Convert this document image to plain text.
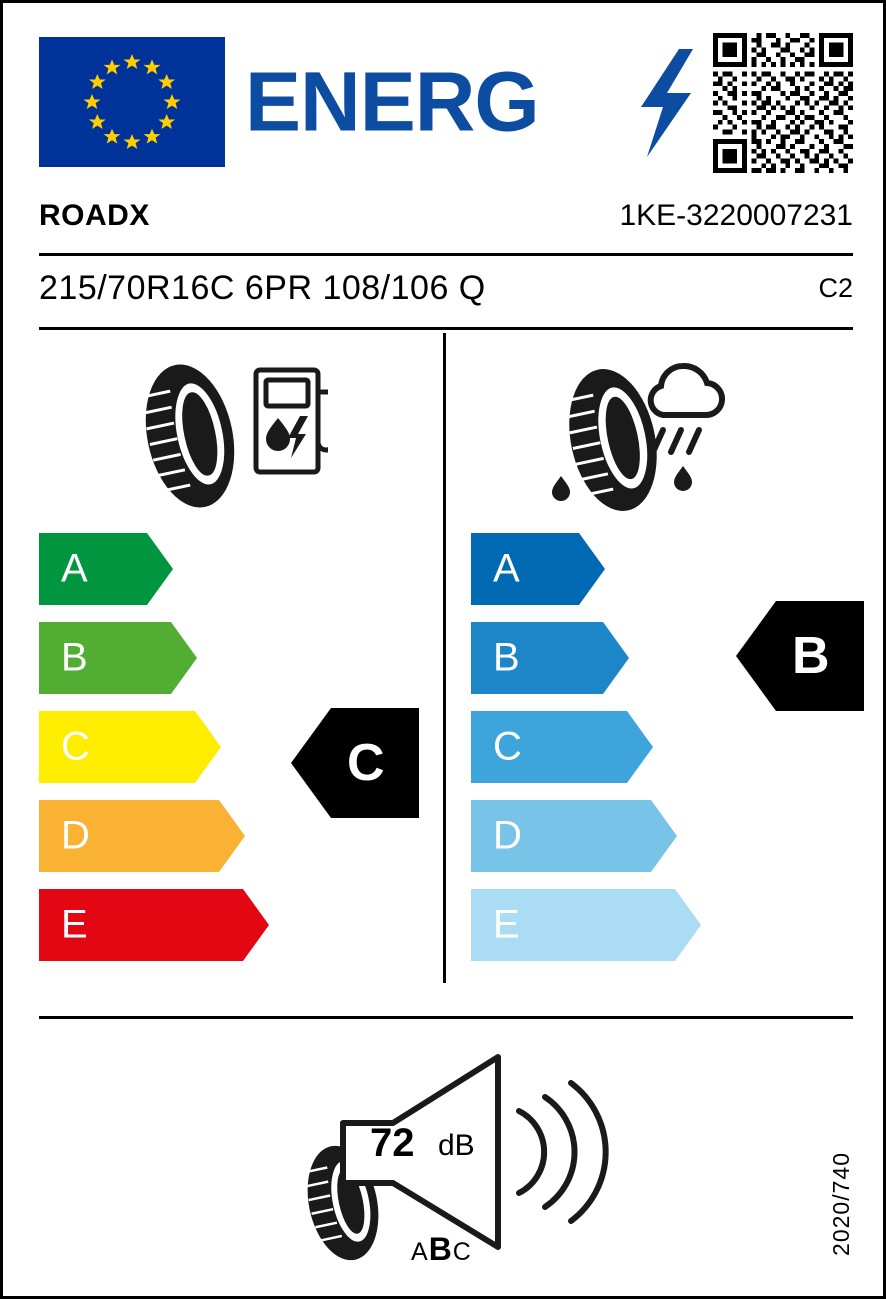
ENERG
ROADX	1KE-3220007231
215/70R16C 6PR 108/106 Q	C2
A
B
C
D
E
C
A
B
C
D
E
B
72 dB
ABC	2020/740
